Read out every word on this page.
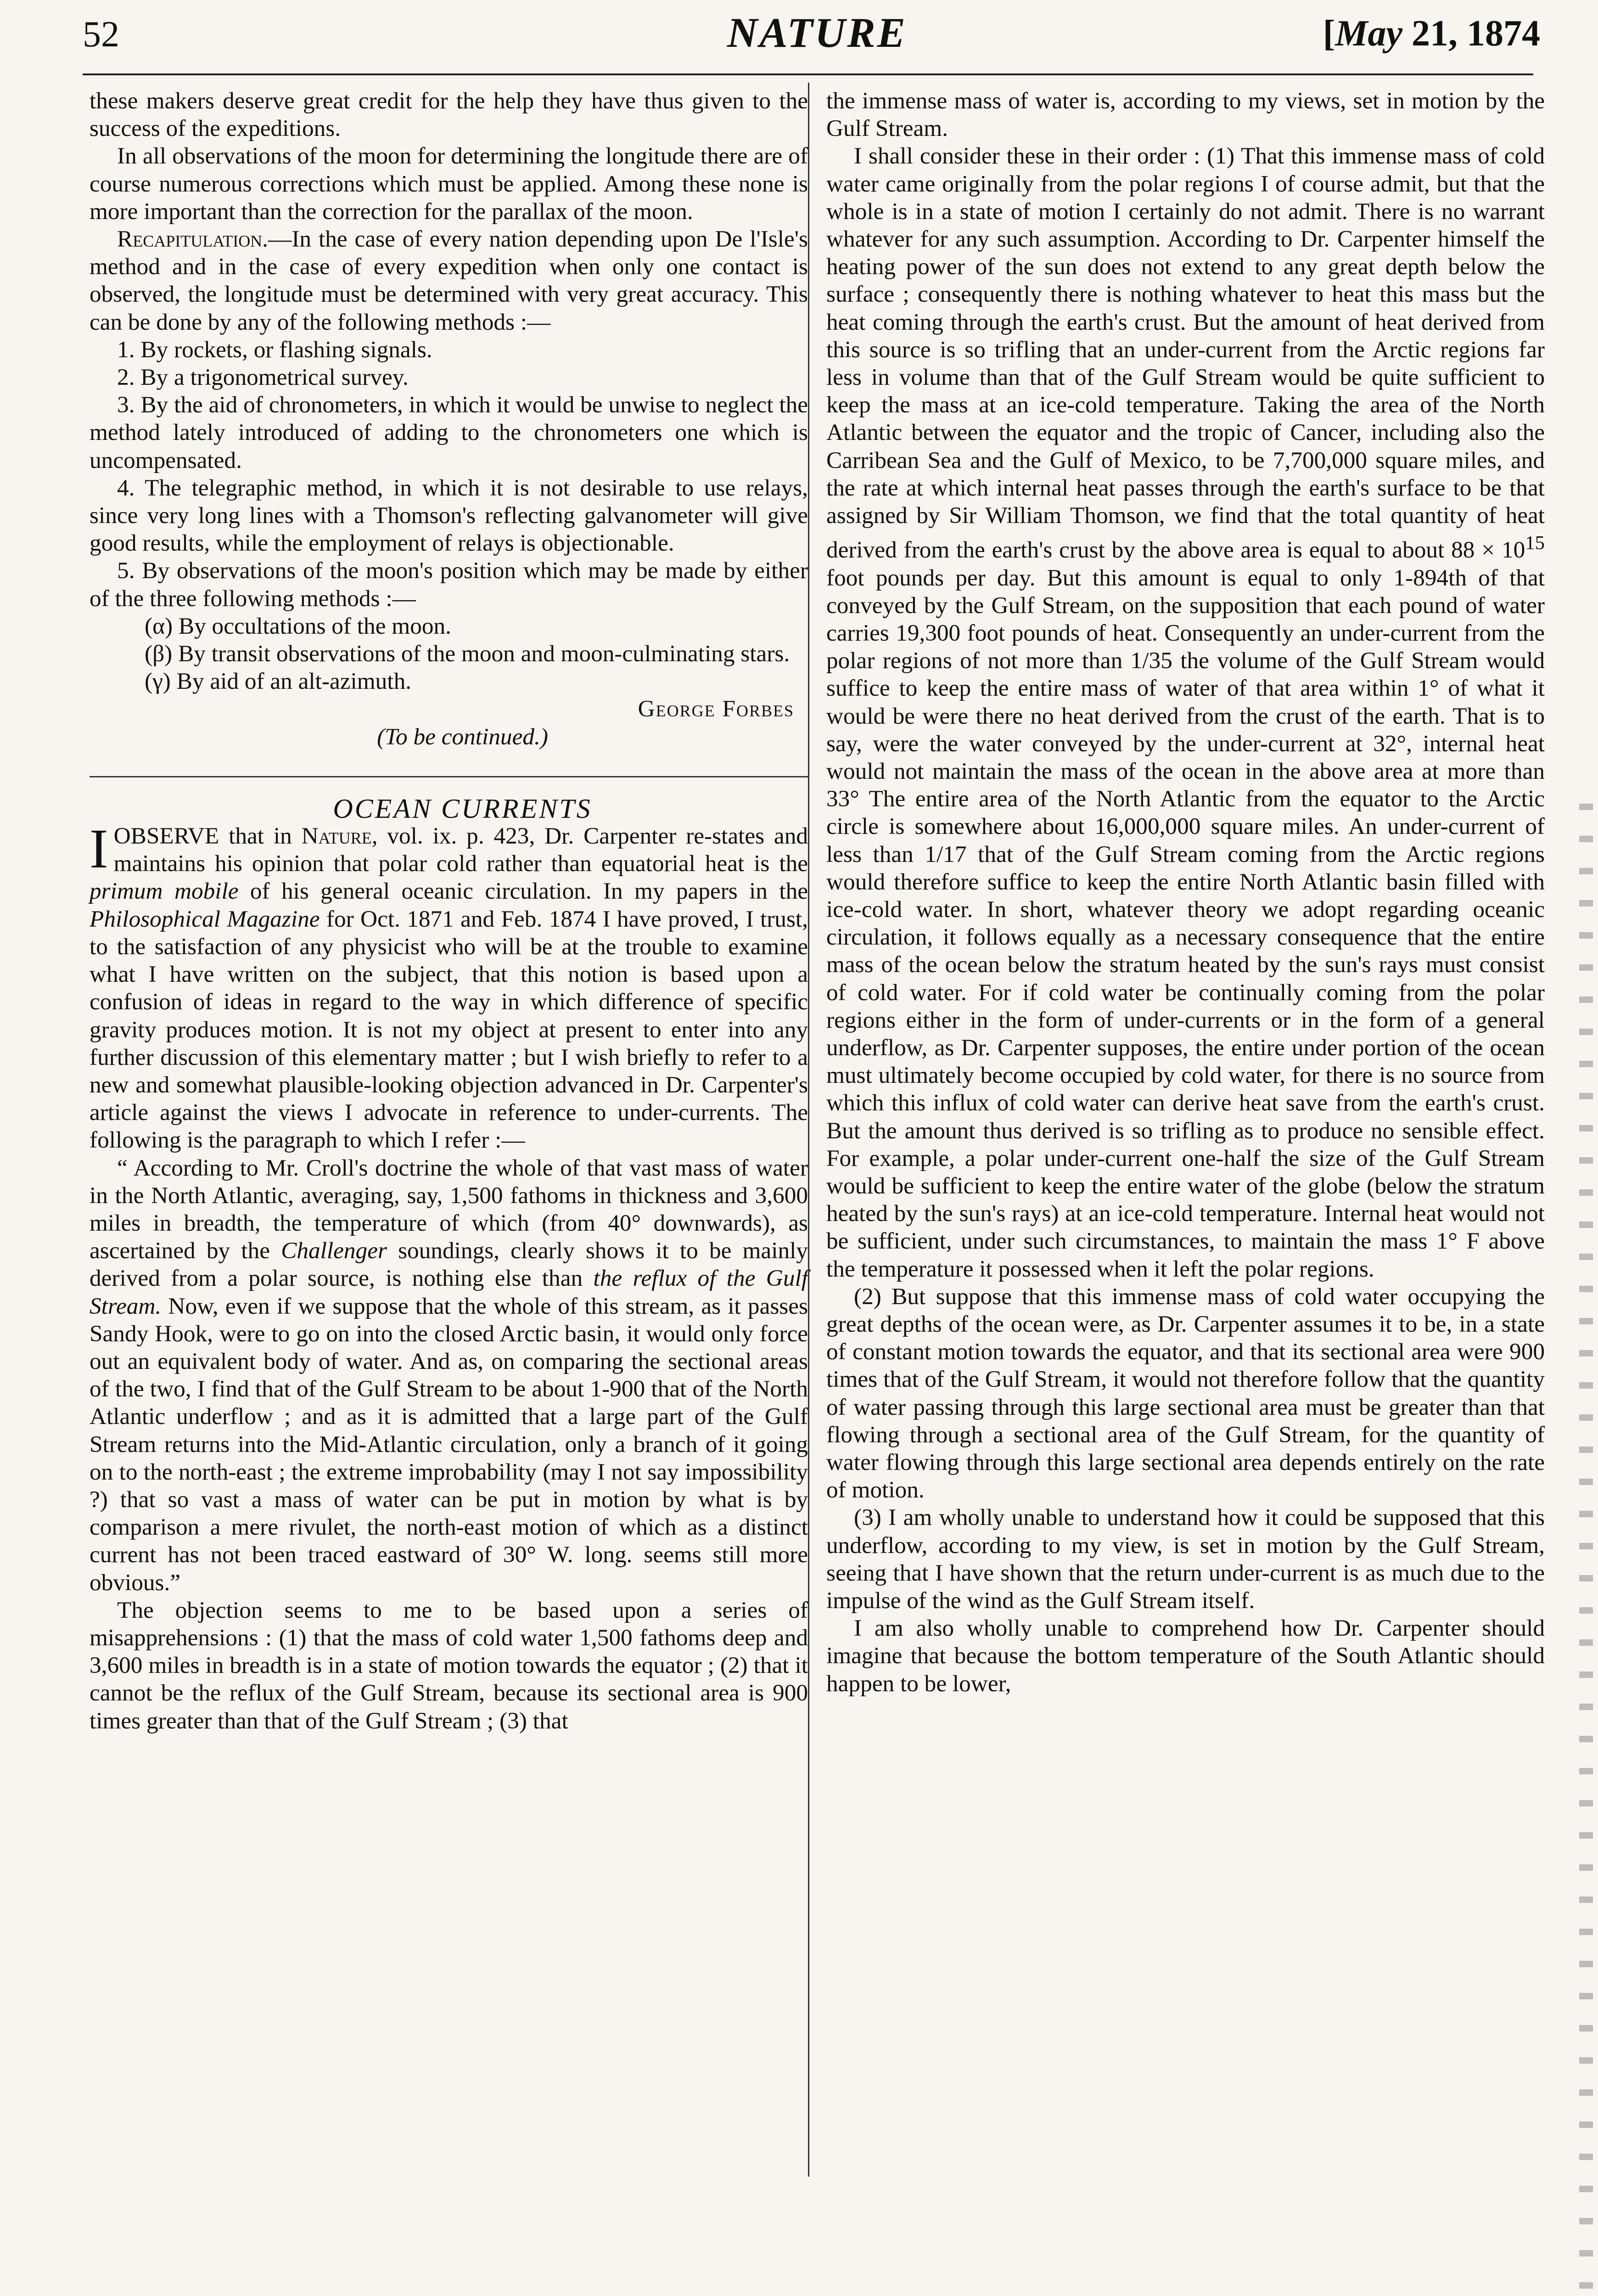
52	NATURE	[May 21, 1874

these makers deserve great credit for the help they have thus given to the success of the expeditions.

In all observations of the moon for determining the longitude there are of course numerous corrections which must be applied. Among these none is more important than the correction for the parallax of the moon.

Recapitulation.—In the case of every nation depending upon De l'Isle's method and in the case of every expedition when only one contact is observed, the longitude must be determined with very great accuracy. This can be done by any of the following methods :—

1. By rockets, or flashing signals.

2. By a trigonometrical survey.

3. By the aid of chronometers, in which it would be unwise to neglect the method lately introduced of adding to the chronometers one which is uncompensated.

4. The telegraphic method, in which it is not desirable to use relays, since very long lines with a Thomson's reflecting galvanometer will give good results, while the employment of relays is objectionable.

5. By observations of the moon's position which may be made by either of the three following methods :—

(α) By occultations of the moon.

(β) By transit observations of the moon and moon-culminating stars.

(γ) By aid of an alt-azimuth.

George Forbes

(To be continued.)

OCEAN CURRENTS

I OBSERVE that in Nature, vol. ix. p. 423, Dr. Carpenter re-states and maintains his opinion that polar cold rather than equatorial heat is the primum mobile of his general oceanic circulation. In my papers in the Philosophical Magazine for Oct. 1871 and Feb. 1874 I have proved, I trust, to the satisfaction of any physicist who will be at the trouble to examine what I have written on the subject, that this notion is based upon a confusion of ideas in regard to the way in which difference of specific gravity produces motion. It is not my object at present to enter into any further discussion of this elementary matter ; but I wish briefly to refer to a new and somewhat plausible-looking objection advanced in Dr. Carpenter's article against the views I advocate in reference to under-currents. The following is the paragraph to which I refer :—

“ According to Mr. Croll's doctrine the whole of that vast mass of water in the North Atlantic, averaging, say, 1,500 fathoms in thickness and 3,600 miles in breadth, the temperature of which (from 40° downwards), as ascertained by the Challenger soundings, clearly shows it to be mainly derived from a polar source, is nothing else than the reflux of the Gulf Stream. Now, even if we suppose that the whole of this stream, as it passes Sandy Hook, were to go on into the closed Arctic basin, it would only force out an equivalent body of water. And as, on comparing the sectional areas of the two, I find that of the Gulf Stream to be about 1-900 that of the North Atlantic underflow ; and as it is admitted that a large part of the Gulf Stream returns into the Mid-Atlantic circulation, only a branch of it going on to the north-east ; the extreme improbability (may I not say impossibility ?) that so vast a mass of water can be put in motion by what is by comparison a mere rivulet, the north-east motion of which as a distinct current has not been traced eastward of 30° W. long. seems still more obvious.”

The objection seems to me to be based upon a series of misapprehensions : (1) that the mass of cold water 1,500 fathoms deep and 3,600 miles in breadth is in a state of motion towards the equator ; (2) that it cannot be the reflux of the Gulf Stream, because its sectional area is 900 times greater than that of the Gulf Stream ; (3) that

the immense mass of water is, according to my views, set in motion by the Gulf Stream.

I shall consider these in their order : (1) That this immense mass of cold water came originally from the polar regions I of course admit, but that the whole is in a state of motion I certainly do not admit. There is no warrant whatever for any such assumption. According to Dr. Carpenter himself the heating power of the sun does not extend to any great depth below the surface ; consequently there is nothing whatever to heat this mass but the heat coming through the earth's crust. But the amount of heat derived from this source is so trifling that an under-current from the Arctic regions far less in volume than that of the Gulf Stream would be quite sufficient to keep the mass at an ice-cold temperature. Taking the area of the North Atlantic between the equator and the tropic of Cancer, including also the Carribean Sea and the Gulf of Mexico, to be 7,700,000 square miles, and the rate at which internal heat passes through the earth's surface to be that assigned by Sir William Thomson, we find that the total quantity of heat derived from the earth's crust by the above area is equal to about $88 \times 10^{15}$ foot pounds per day. But this amount is equal to only 1-894th of that conveyed by the Gulf Stream, on the supposition that each pound of water carries 19,300 foot pounds of heat. Consequently an under-current from the polar regions of not more than 1/35 the volume of the Gulf Stream would suffice to keep the entire mass of water of that area within 1° of what it would be were there no heat derived from the crust of the earth. That is to say, were the water conveyed by the under-current at 32°, internal heat would not maintain the mass of the ocean in the above area at more than 33° The entire area of the North Atlantic from the equator to the Arctic circle is somewhere about 16,000,000 square miles. An under-current of less than 1/17 that of the Gulf Stream coming from the Arctic regions would therefore suffice to keep the entire North Atlantic basin filled with ice-cold water. In short, whatever theory we adopt regarding oceanic circulation, it follows equally as a necessary consequence that the entire mass of the ocean below the stratum heated by the sun's rays must consist of cold water. For if cold water be continually coming from the polar regions either in the form of under-currents or in the form of a general underflow, as Dr. Carpenter supposes, the entire under portion of the ocean must ultimately become occupied by cold water, for there is no source from which this influx of cold water can derive heat save from the earth's crust. But the amount thus derived is so trifling as to produce no sensible effect. For example, a polar under-current one-half the size of the Gulf Stream would be sufficient to keep the entire water of the globe (below the stratum heated by the sun's rays) at an ice-cold temperature. Internal heat would not be sufficient, under such circumstances, to maintain the mass 1° F above the temperature it possessed when it left the polar regions.

(2) But suppose that this immense mass of cold water occupying the great depths of the ocean were, as Dr. Carpenter assumes it to be, in a state of constant motion towards the equator, and that its sectional area were 900 times that of the Gulf Stream, it would not therefore follow that the quantity of water passing through this large sectional area must be greater than that flowing through a sectional area of the Gulf Stream, for the quantity of water flowing through this large sectional area depends entirely on the rate of motion.

(3) I am wholly unable to understand how it could be supposed that this underflow, according to my view, is set in motion by the Gulf Stream, seeing that I have shown that the return under-current is as much due to the impulse of the wind as the Gulf Stream itself.

I am also wholly unable to comprehend how Dr. Carpenter should imagine that because the bottom temperature of the South Atlantic should happen to be lower,
